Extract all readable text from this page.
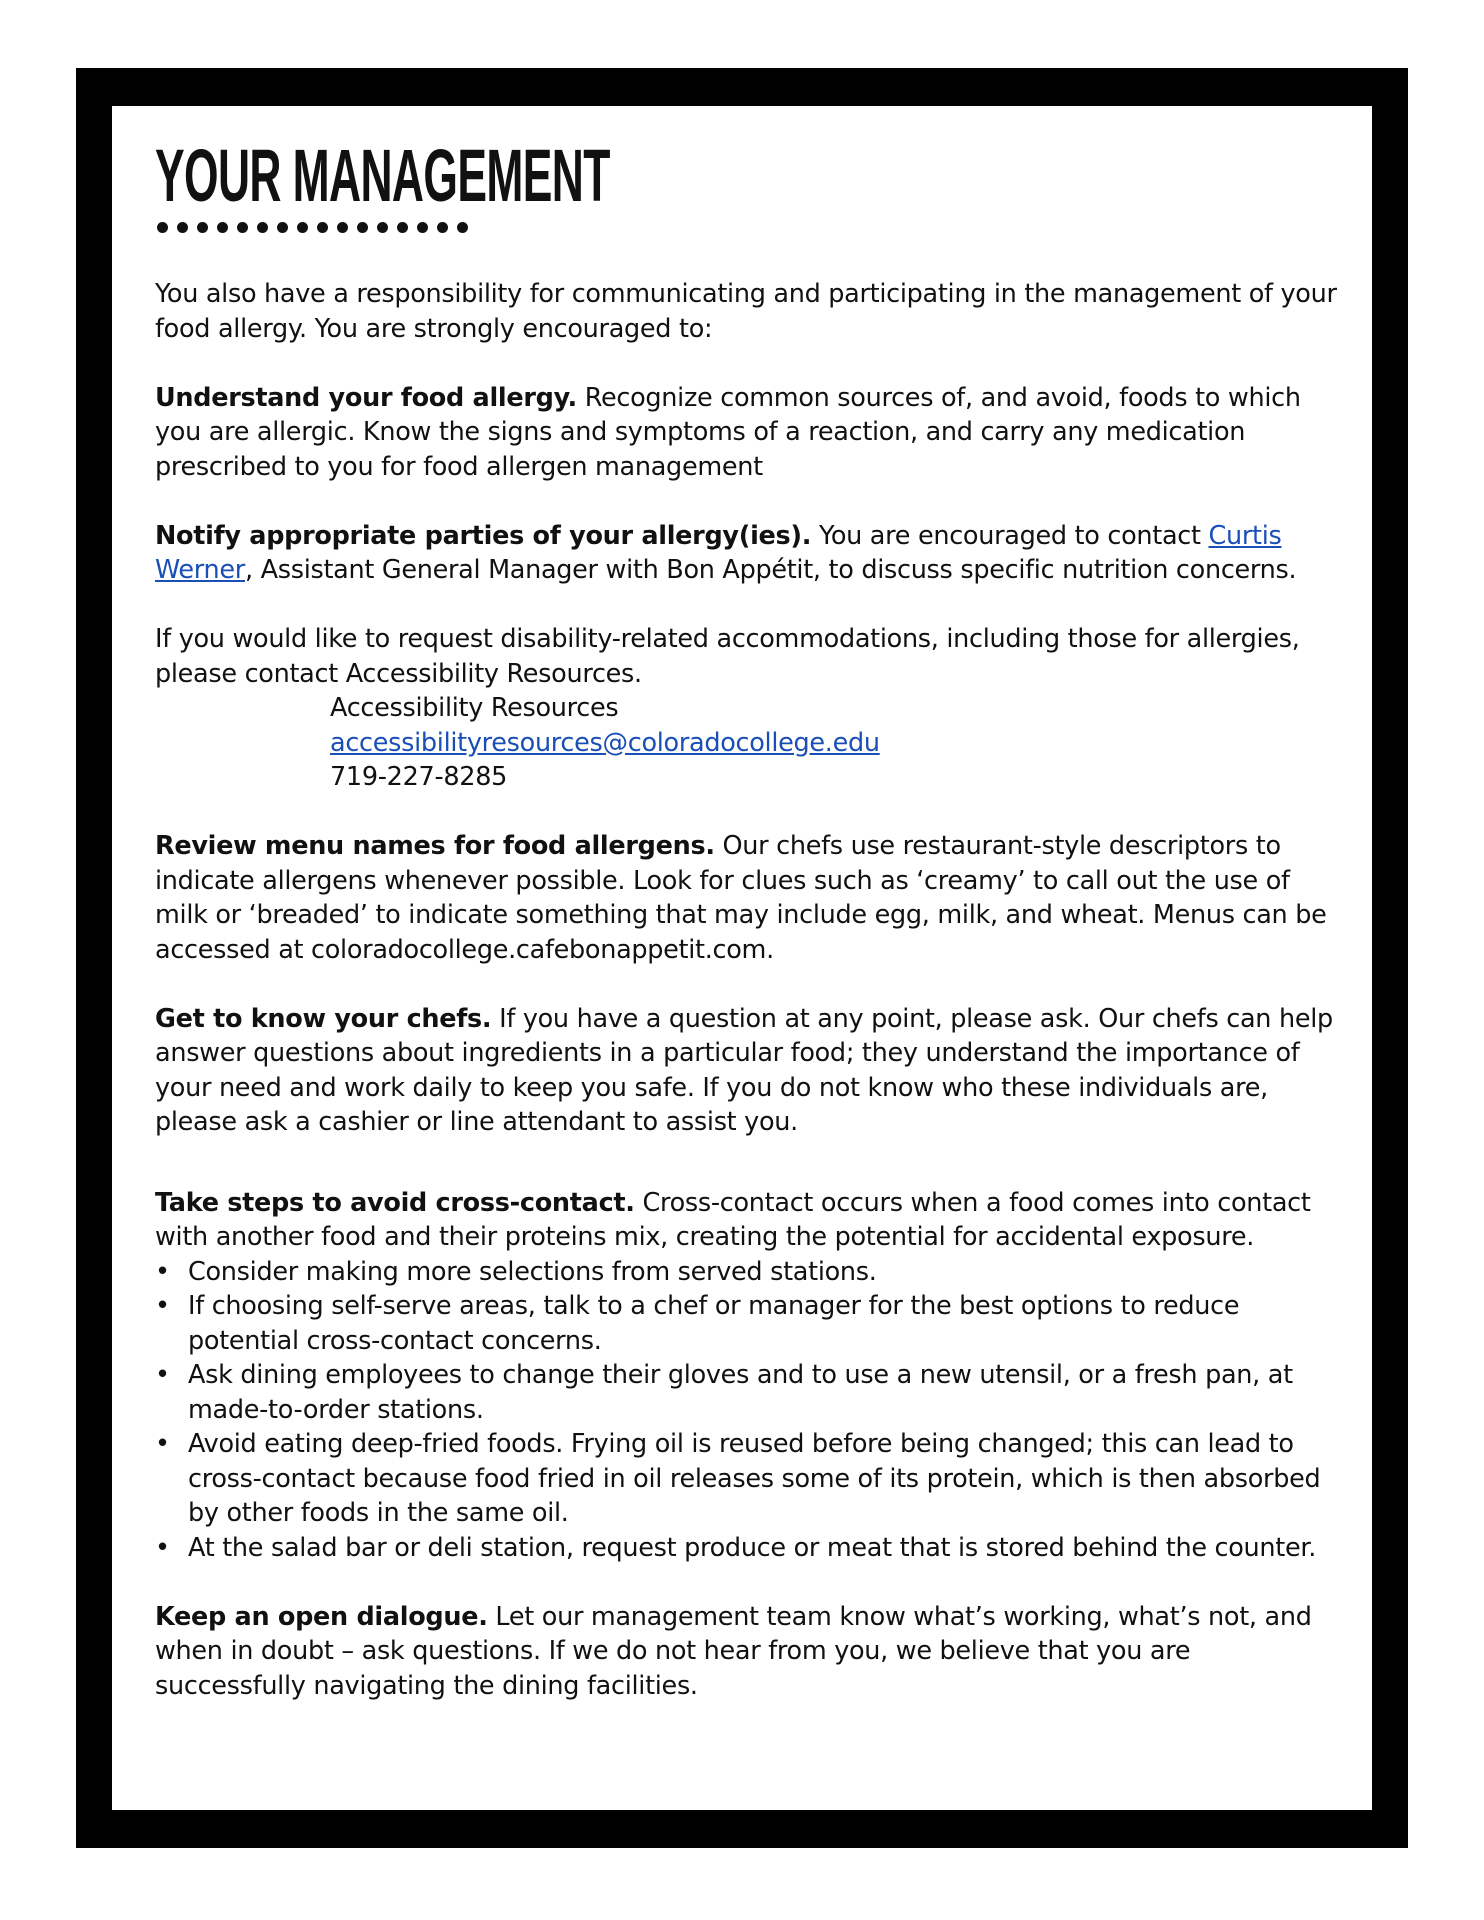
YOUR MANAGEMENT

You also have a responsibility for communicating and participating in the management of your food allergy. You are strongly encouraged to:

Understand your food allergy. Recognize common sources of, and avoid, foods to which you are allergic. Know the signs and symptoms of a reaction, and carry any medication prescribed to you for food allergen management

Notify appropriate parties of your allergy(ies). You are encouraged to contact Curtis Werner, Assistant General Manager with Bon Appétit, to discuss specific nutrition concerns.

If you would like to request disability-related accommodations, including those for allergies, please contact Accessibility Resources.

Accessibility Resources
accessibilityresources@coloradocollege.edu
719-227-8285

Review menu names for food allergens. Our chefs use restaurant-style descriptors to indicate allergens whenever possible. Look for clues such as ‘creamy’ to call out the use of milk or ‘breaded’ to indicate something that may include egg, milk, and wheat. Menus can be accessed at coloradocollege.cafebonappetit.com.

Get to know your chefs. If you have a question at any point, please ask. Our chefs can help answer questions about ingredients in a particular food; they understand the importance of your need and work daily to keep you safe. If you do not know who these individuals are, please ask a cashier or line attendant to assist you.

Take steps to avoid cross-contact. Cross-contact occurs when a food comes into contact with another food and their proteins mix, creating the potential for accidental exposure.

• Consider making more selections from served stations.
• If choosing self-serve areas, talk to a chef or manager for the best options to reduce potential cross-contact concerns.
• Ask dining employees to change their gloves and to use a new utensil, or a fresh pan, at made-to-order stations.
• Avoid eating deep-fried foods. Frying oil is reused before being changed; this can lead to cross-contact because food fried in oil releases some of its protein, which is then absorbed by other foods in the same oil.
• At the salad bar or deli station, request produce or meat that is stored behind the counter.

Keep an open dialogue. Let our management team know what’s working, what’s not, and when in doubt – ask questions. If we do not hear from you, we believe that you are successfully navigating the dining facilities.
